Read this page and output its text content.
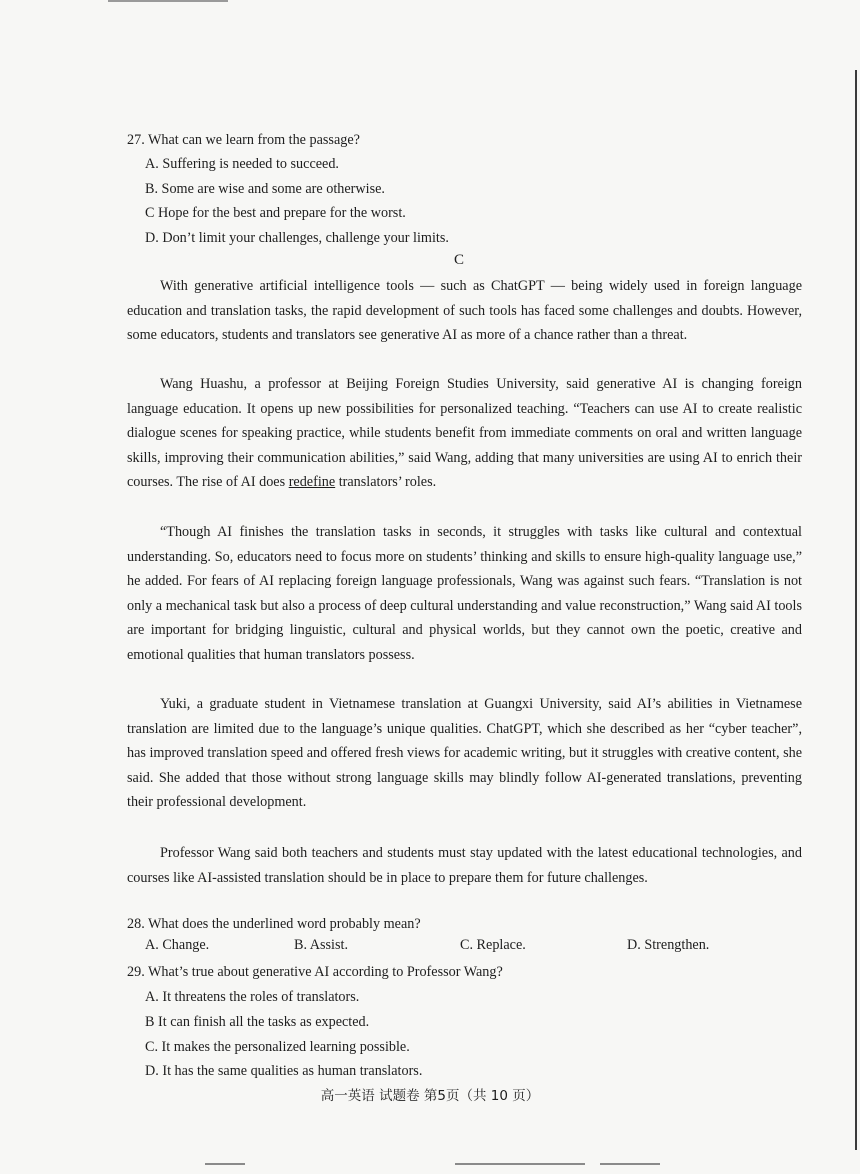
27. What can we learn from the passage?
A. Suffering is needed to succeed.
B. Some are wise and some are otherwise.
C Hope for the best and prepare for the worst.
D. Don’t limit your challenges, challenge your limits.
C

With generative artificial intelligence tools — such as ChatGPT — being widely used in foreign language education and translation tasks, the rapid development of such tools has faced some challenges and doubts. However, some educators, students and translators see generative AI as more of a chance rather than a threat.

Wang Huashu, a professor at Beijing Foreign Studies University, said generative AI is changing foreign language education. It opens up new possibilities for personalized teaching. “Teachers can use AI to create realistic dialogue scenes for speaking practice, while students benefit from immediate comments on oral and written language skills, improving their communication abilities,” said Wang, adding that many universities are using AI to enrich their courses. The rise of AI does redefine translators’ roles.

“Though AI finishes the translation tasks in seconds, it struggles with tasks like cultural and contextual understanding. So, educators need to focus more on students’ thinking and skills to ensure high-quality language use,” he added. For fears of AI replacing foreign language professionals, Wang was against such fears. “Translation is not only a mechanical task but also a process of deep cultural understanding and value reconstruction,” Wang said AI tools are important for bridging linguistic, cultural and physical worlds, but they cannot own the poetic, creative and emotional qualities that human translators possess.

Yuki, a graduate student in Vietnamese translation at Guangxi University, said AI’s abilities in Vietnamese translation are limited due to the language’s unique qualities. ChatGPT, which she described as her “cyber teacher”, has improved translation speed and offered fresh views for academic writing, but it struggles with creative content, she said. She added that those without strong language skills may blindly follow AI-generated translations, preventing their professional development.

Professor Wang said both teachers and students must stay updated with the latest educational technologies, and courses like AI-assisted translation should be in place to prepare them for future challenges.

28. What does the underlined word probably mean?
A. Change.	B. Assist.	C. Replace.	D. Strengthen.
29. What’s true about generative AI according to Professor Wang?
A. It threatens the roles of translators.
B It can finish all the tasks as expected.
C. It makes the personalized learning possible.
D. It has the same qualities as human translators.
高一英语 试题卷 第5页（共 10 页）
